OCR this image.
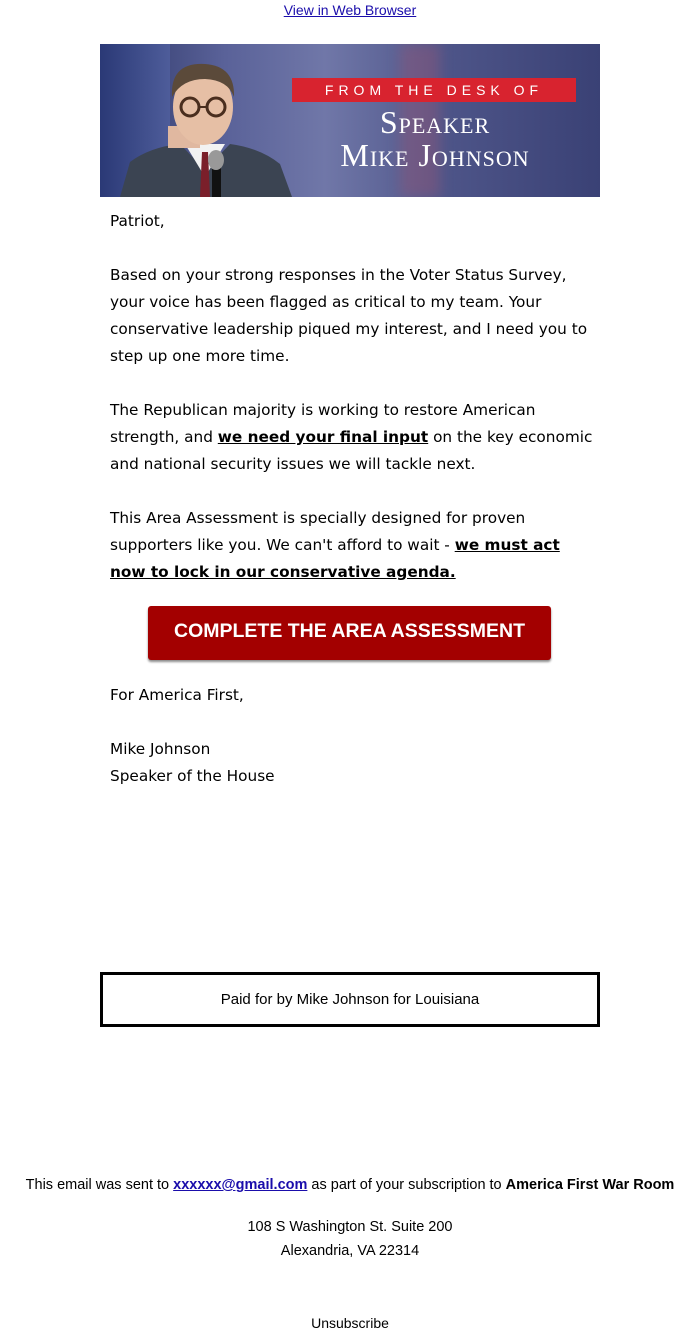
View in Web Browser
FROM THE DESK OF
Speaker
Mike Johnson

Patriot,

Based on your strong responses in the Voter Status Survey, your voice has been flagged as critical to my team. Your conservative leadership piqued my interest, and I need you to step up one more time.

The Republican majority is working to restore American strength, and we need your final input on the key economic and national security issues we will tackle next.

This Area Assessment is specially designed for proven supporters like you. We can't afford to wait - we must act now to lock in our conservative agenda.

COMPLETE THE AREA ASSESSMENT

For America First,

Mike Johnson
Speaker of the House
Paid for by Mike Johnson for Louisiana
This email was sent to xxxxxx@gmail.com as part of your subscription to America First War Room
108 S Washington St. Suite 200
Alexandria, VA 22314
Unsubscribe
